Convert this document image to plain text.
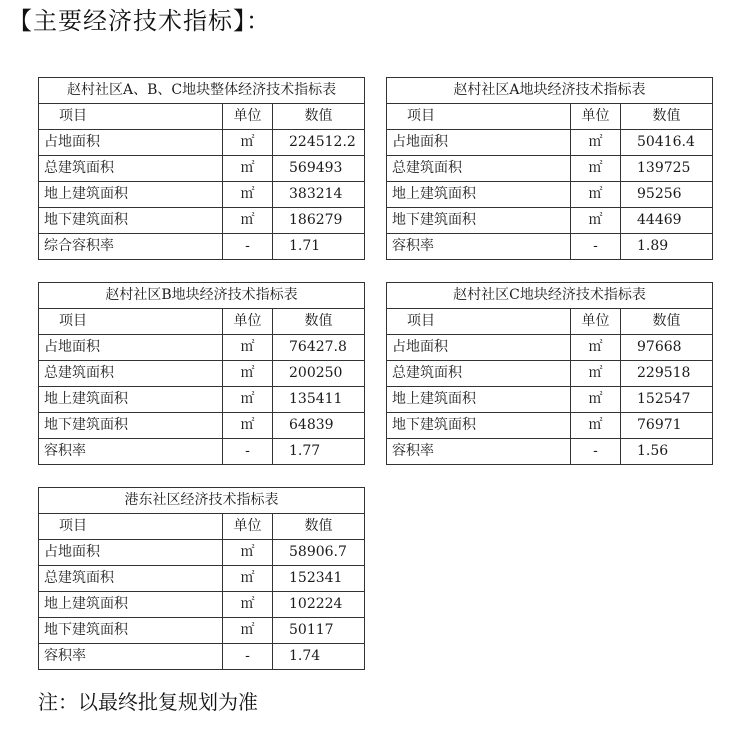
【主要经济技术指标】：
赵村社区A、B、C地块整体经济技术指标表		
项目	单位	数值
占地面积	㎡	224512.2
总建筑面积	㎡	569493
地上建筑面积	㎡	383214
地下建筑面积	㎡	186279
综合容积率	-	1.71
赵村社区A地块经济技术指标表		
项目	单位	数值
占地面积	㎡	50416.4
总建筑面积	㎡	139725
地上建筑面积	㎡	95256
地下建筑面积	㎡	44469
容积率	-	1.89
赵村社区B地块经济技术指标表		
项目	单位	数值
占地面积	㎡	76427.8
总建筑面积	㎡	200250
地上建筑面积	㎡	135411
地下建筑面积	㎡	64839
容积率	-	1.77
赵村社区C地块经济技术指标表		
项目	单位	数值
占地面积	㎡	97668
总建筑面积	㎡	229518
地上建筑面积	㎡	152547
地下建筑面积	㎡	76971
容积率	-	1.56
港东社区经济技术指标表		
项目	单位	数值
占地面积	㎡	58906.7
总建筑面积	㎡	152341
地上建筑面积	㎡	102224
地下建筑面积	㎡	50117
容积率	-	1.74
注：以最终批复规划为准
